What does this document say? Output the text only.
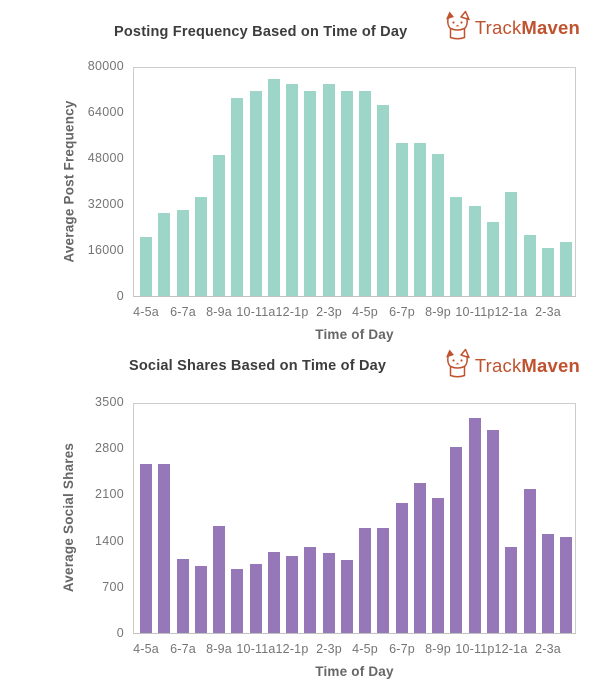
Posting Frequency Based on Time of Day	TrackMaven
Average Post Frequency
Time of Day
80000
64000
48000
32000
16000
0
4-5a 6-7a 8-9a 10-11a 12-1p 2-3p 4-5p 6-7p 8-9p 10-11p 12-1a 2-3a
Social Shares Based on Time of Day	TrackMaven
Average Social Shares
Time of Day
3500
2800
2100
1400
700
0
4-5a 6-7a 8-9a 10-11a 12-1p 2-3p 4-5p 6-7p 8-9p 10-11p 12-1a 2-3a
